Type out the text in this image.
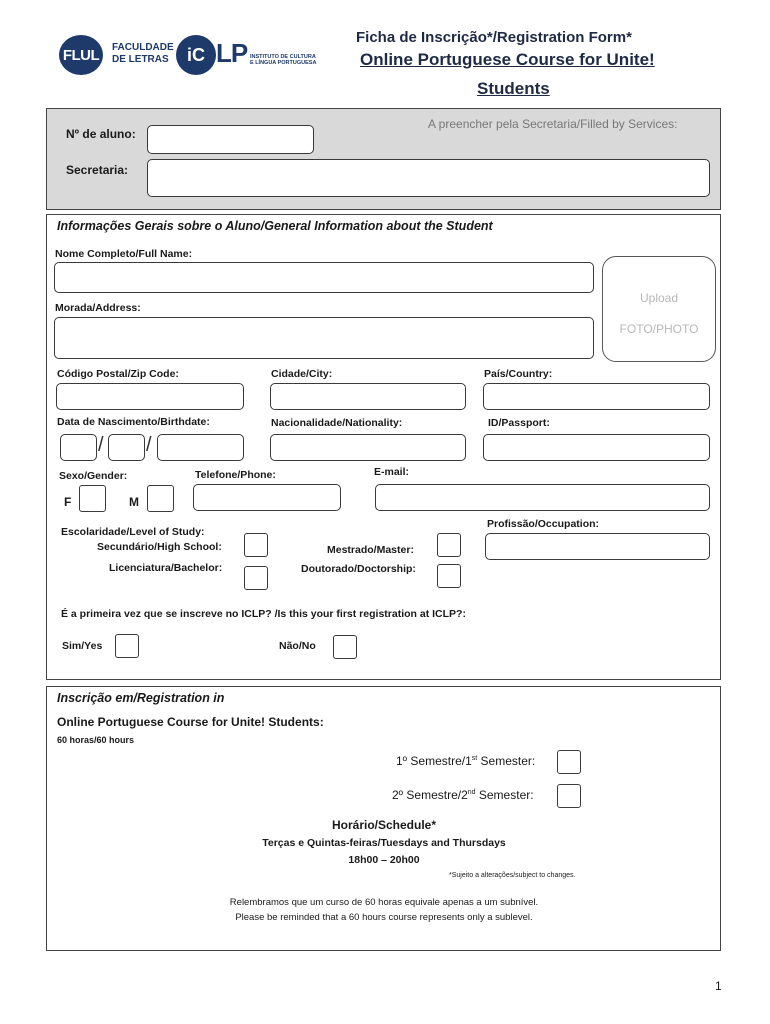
FLUL	FACULDADE
DE LETRAS	iC LP INSTITUTO DE CULTURA
E LÍNGUA PORTUGUESA
Ficha de Inscrição*/Registration Form*
Online Portuguese Course for Unite!
Students
A preencher pela Secretaria/Filled by Services:
Nº de aluno:
Secretaria:
Informações Gerais sobre o Aluno/General Information about the Student
Nome Completo/Full Name:
Morada/Address:
Upload
FOTO/PHOTO
Código Postal/Zip Code:	Cidade/City:	País/Country:
Data de Nascimento/Birthdate:
/ /
Nacionalidade/Nationality:	ID/Passport:
Sexo/Gender:
F	M
Telefone/Phone:	E-mail:
Profissão/Occupation:
Escolaridade/Level of Study:
Secundário/High School:
Licenciatura/Bachelor:
Mestrado/Master:
Doutorado/Doctorship:
É a primeira vez que se inscreve no ICLP? /Is this your first registration at ICLP?:
Sim/Yes	Não/No
Inscrição em/Registration in
Online Portuguese Course for Unite! Students:
60 horas/60 hours
1º Semestre/1st Semester:
2º Semestre/2nd Semester:
Horário/Schedule*
Terças e Quintas-feiras/Tuesdays and Thursdays
18h00 – 20h00
*Sujeito a alterações/subject to changes.
Relembramos que um curso de 60 horas equivale apenas a um subnível.
Please be reminded that a 60 hours course represents only a sublevel.
1
